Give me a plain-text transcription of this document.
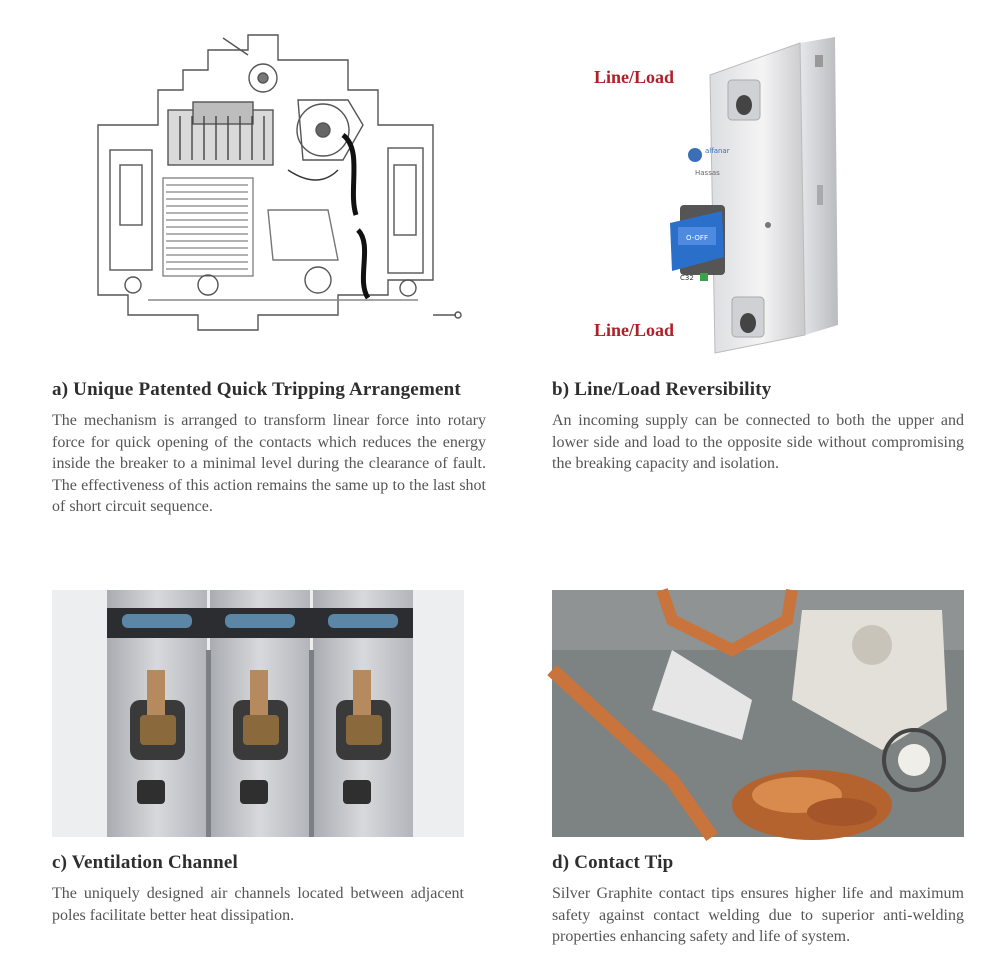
Line/Load
Line/Load
alfanar
Hassas
O-OFF
C32
a) Unique Patented Quick Tripping Arrangement
The mechanism is arranged to transform linear force into rotary force for quick opening of the contacts which reduces the energy inside the breaker to a minimal level during the clearance of fault. The effectiveness of this action remains the same up to the last shot of short circuit sequence.
b) Line/Load Reversibility
An incoming supply can be connected to both the upper and lower side and load to the opposite side without compromising the breaking capacity and isolation.
c) Ventilation Channel
The uniquely designed air channels located between adjacent poles facilitate better heat dissipation.
d) Contact Tip
Silver Graphite contact tips ensures higher life and maximum safety against contact welding due to superior anti-welding properties enhancing safety and life of system.
